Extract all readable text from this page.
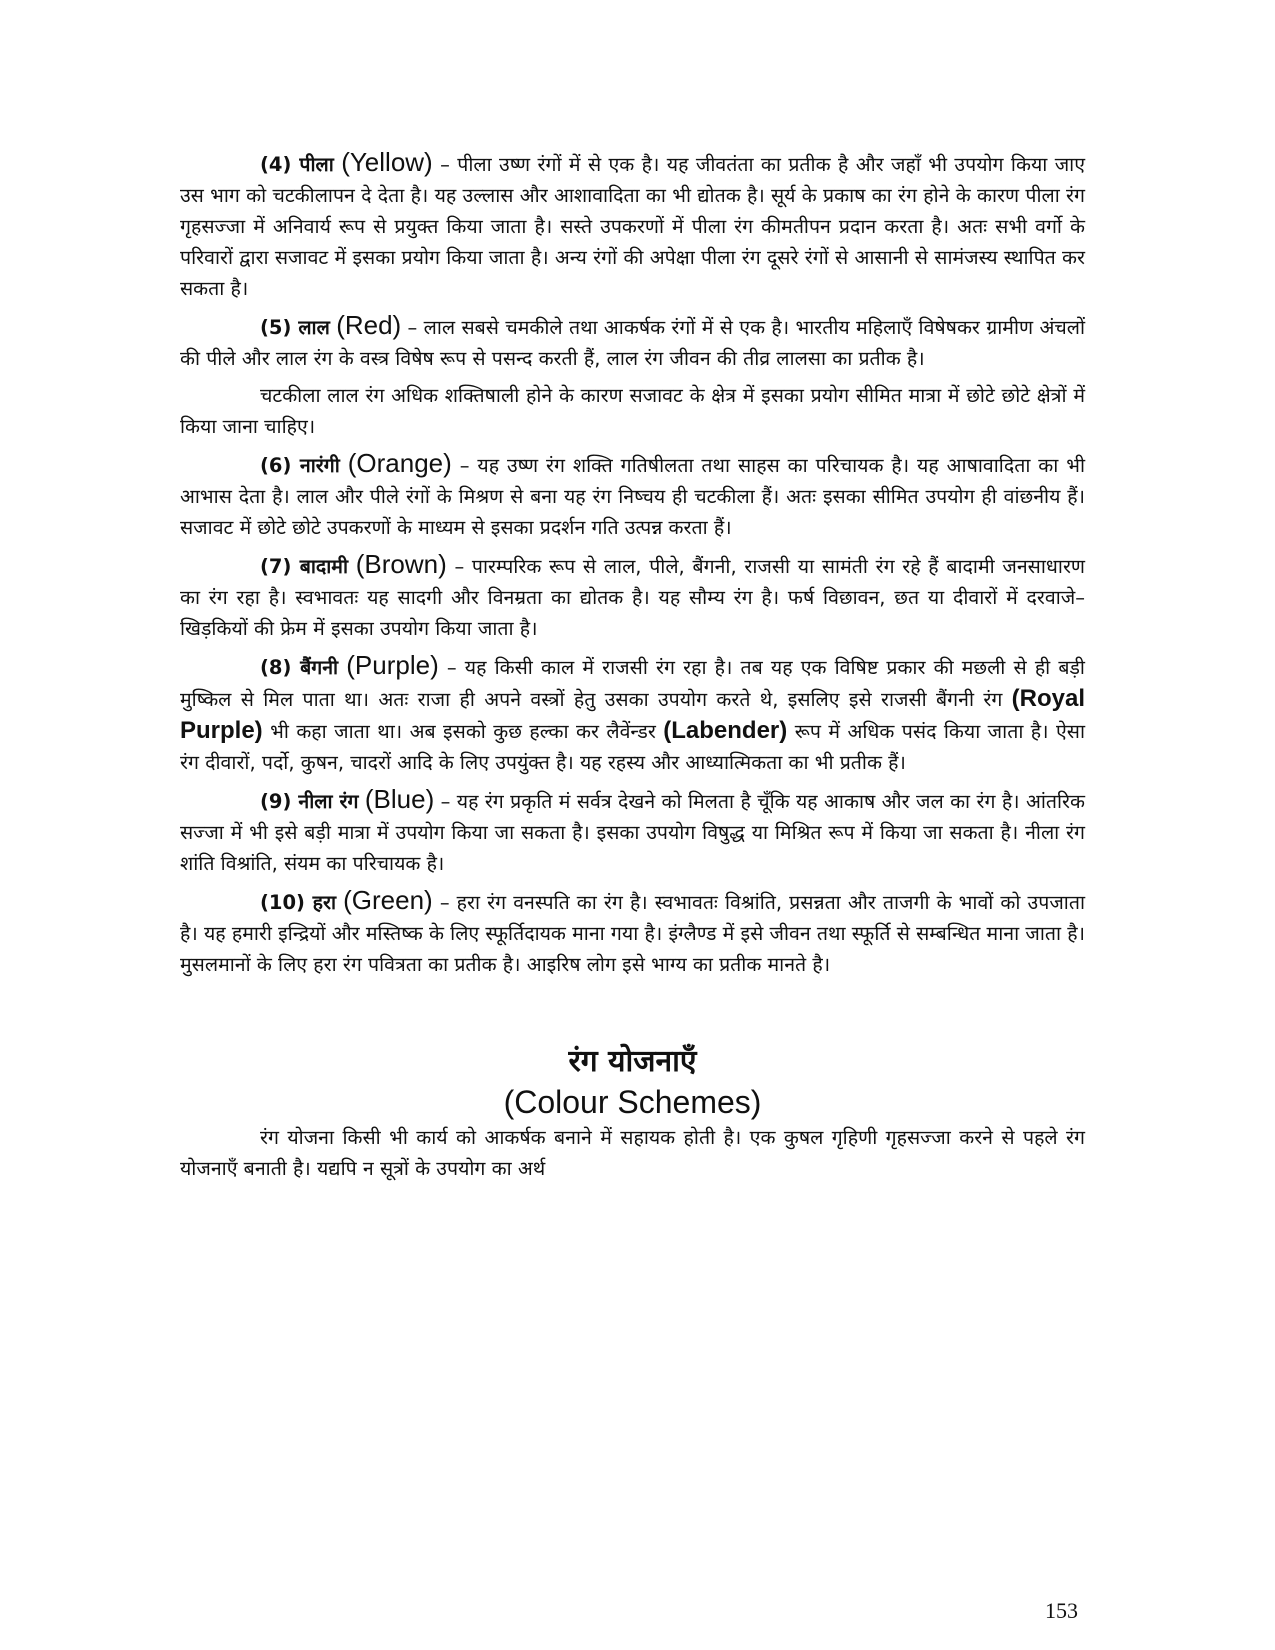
(4) पीला (Yellow) – पीला उष्ण रंगों में से एक है। यह जीवतंता का प्रतीक है और जहाँ भी उपयोग किया जाए उस भाग को चटकीलापन दे देता है। यह उल्लास और आशावादिता का भी द्योतक है। सूर्य के प्रकाष का रंग होने के कारण पीला रंग गृहसज्जा में अनिवार्य रूप से प्रयुक्त किया जाता है। सस्ते उपकरणों में पीला रंग कीमतीपन प्रदान करता है। अतः सभी वर्गो के परिवारों द्वारा सजावट में इसका प्रयोग किया जाता है। अन्य रंगों की अपेक्षा पीला रंग दूसरे रंगों से आसानी से सामंजस्य स्थापित कर सकता है।

(5) लाल (Red) – लाल सबसे चमकीले तथा आकर्षक रंगों में से एक है। भारतीय महिलाएँ विषेषकर ग्रामीण अंचलों की पीले और लाल रंग के वस्त्र विषेष रूप से पसन्द करती हैं, लाल रंग जीवन की तीव्र लालसा का प्रतीक है।

चटकीला लाल रंग अधिक शक्तिषाली होने के कारण सजावट के क्षेत्र में इसका प्रयोग सीमित मात्रा में छोटे छोटे क्षेत्रों में किया जाना चाहिए।

(6) नारंगी (Orange) – यह उष्ण रंग शक्ति गतिषीलता तथा साहस का परिचायक है। यह आषावादिता का भी आभास देता है। लाल और पीले रंगों के मिश्रण से बना यह रंग निष्चय ही चटकीला हैं। अतः इसका सीमित उपयोग ही वांछनीय हैं। सजावट में छोटे छोटे उपकरणों के माध्यम से इसका प्रदर्शन गति उत्पन्न करता हैं।

(7) बादामी (Brown) – पारम्परिक रूप से लाल, पीले, बैंगनी, राजसी या सामंती रंग रहे हैं बादामी जनसाधारण का रंग रहा है। स्वभावतः यह सादगी और विनम्रता का द्योतक है। यह सौम्य रंग है। फर्ष विछावन, छत या दीवारों में दरवाजे– खिड़कियों की फ्रेम में इसका उपयोग किया जाता है।

(8) बैंगनी (Purple) – यह किसी काल में राजसी रंग रहा है। तब यह एक विषिष्ट प्रकार की मछली से ही बड़ी मुष्किल से मिल पाता था। अतः राजा ही अपने वस्त्रों हेतु उसका उपयोग करते थे, इसलिए इसे राजसी बैंगनी रंग (Royal Purple) भी कहा जाता था। अब इसको कुछ हल्का कर लैवेंन्डर (Labender) रूप में अधिक पसंद किया जाता है। ऐसा रंग दीवारों, पर्दो, कुषन, चादरों आदि के लिए उपयुंक्त है। यह रहस्य और आध्यात्मिकता का भी प्रतीक हैं।

(9) नीला रंग (Blue) – यह रंग प्रकृति मं सर्वत्र देखने को मिलता है चूँकि यह आकाष और जल का रंग है। आंतरिक सज्जा में भी इसे बड़ी मात्रा में उपयोग किया जा सकता है। इसका उपयोग विषुद्ध या मिश्रित रूप में किया जा सकता है। नीला रंग शांति विश्रांति, संयम का परिचायक है।

(10) हरा (Green) – हरा रंग वनस्पति का रंग है। स्वभावतः विश्रांति, प्रसन्नता और ताजगी के भावों को उपजाता है। यह हमारी इन्द्रियों और मस्तिष्क के लिए स्फूर्तिदायक माना गया है। इंग्लैण्ड में इसे जीवन तथा स्फूर्ति से सम्बन्धित माना जाता है। मुसलमानों के लिए हरा रंग पवित्रता का प्रतीक है। आइरिष लोग इसे भाग्य का प्रतीक मानते है।

रंग योजनाएँ
(Colour Schemes)

रंग योजना किसी भी कार्य को आकर्षक बनाने में सहायक होती है। एक कुषल गृहिणी गृहसज्जा करने से पहले रंग योजनाएँ बनाती है। यद्यपि न सूत्रों के उपयोग का अर्थ

153
